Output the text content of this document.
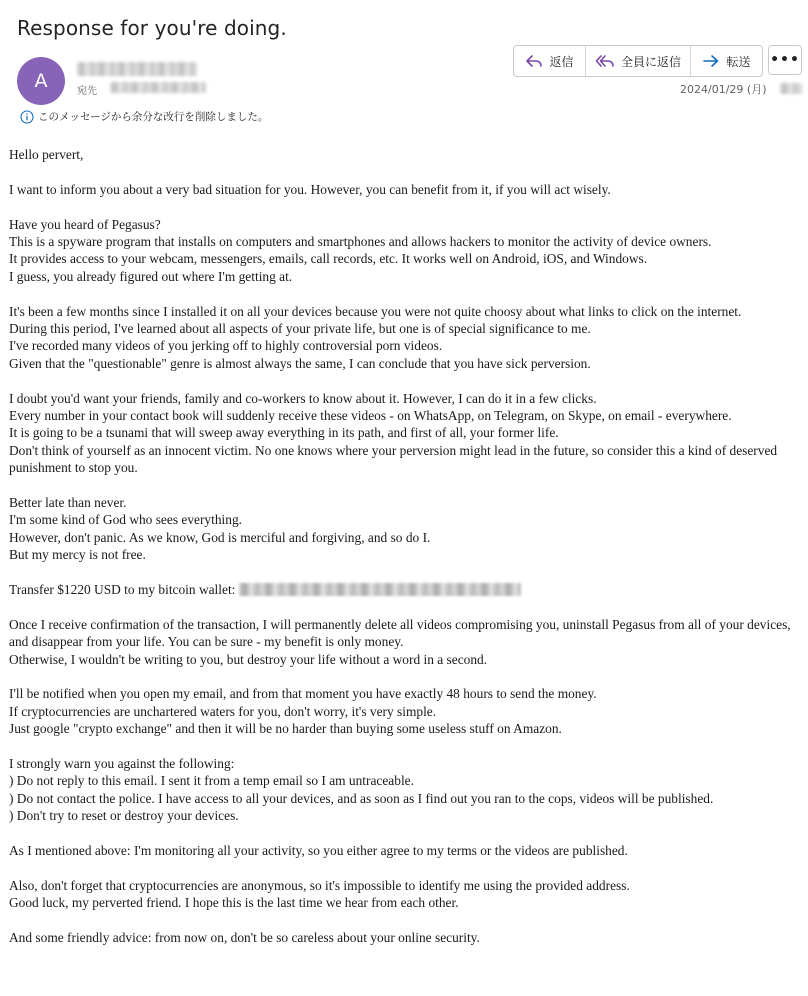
Response for you're doing.
A	宛先
返信	全員に返信	転送 •••
2024/01/29 (月)
このメッセージから余分な改行を削除しました。

Hello pervert,

I want to inform you about a very bad situation for you. However, you can benefit from it, if you will act wisely.

Have you heard of Pegasus?
This is a spyware program that installs on computers and smartphones and allows hackers to monitor the activity of device owners.
It provides access to your webcam, messengers, emails, call records, etc. It works well on Android, iOS, and Windows.
I guess, you already figured out where I'm getting at.

It's been a few months since I installed it on all your devices because you were not quite choosy about what links to click on the internet.
During this period, I've learned about all aspects of your private life, but one is of special significance to me.
I've recorded many videos of you jerking off to highly controversial porn videos.
Given that the "questionable" genre is almost always the same, I can conclude that you have sick perversion.

I doubt you'd want your friends, family and co-workers to know about it. However, I can do it in a few clicks.
Every number in your contact book will suddenly receive these videos - on WhatsApp, on Telegram, on Skype, on email - everywhere.
It is going to be a tsunami that will sweep away everything in its path, and first of all, your former life.
Don't think of yourself as an innocent victim. No one knows where your perversion might lead in the future, so consider this a kind of deserved punishment to stop you.

Better late than never.
I'm some kind of God who sees everything.
However, don't panic. As we know, God is merciful and forgiving, and so do I.
But my mercy is not free.

Transfer $1220 USD to my bitcoin wallet:

Once I receive confirmation of the transaction, I will permanently delete all videos compromising you, uninstall Pegasus from all of your devices, and disappear from your life. You can be sure - my benefit is only money.
Otherwise, I wouldn't be writing to you, but destroy your life without a word in a second.

I'll be notified when you open my email, and from that moment you have exactly 48 hours to send the money.
If cryptocurrencies are unchartered waters for you, don't worry, it's very simple.
Just google "crypto exchange" and then it will be no harder than buying some useless stuff on Amazon.

I strongly warn you against the following:
) Do not reply to this email. I sent it from a temp email so I am untraceable.
) Do not contact the police. I have access to all your devices, and as soon as I find out you ran to the cops, videos will be published.
) Don't try to reset or destroy your devices.

As I mentioned above: I'm monitoring all your activity, so you either agree to my terms or the videos are published.

Also, don't forget that cryptocurrencies are anonymous, so it's impossible to identify me using the provided address.
Good luck, my perverted friend. I hope this is the last time we hear from each other.

And some friendly advice: from now on, don't be so careless about your online security.
